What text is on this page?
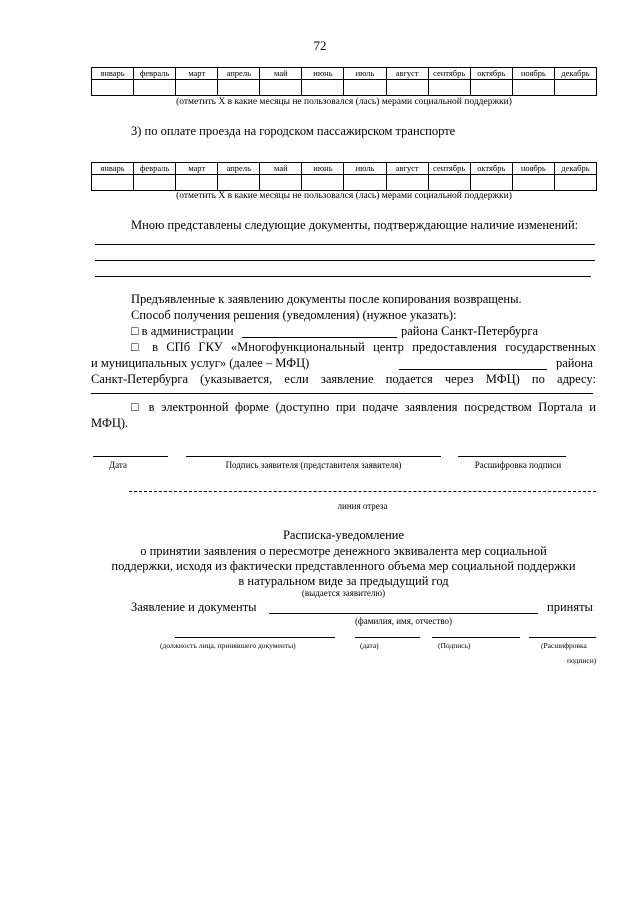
72
январь	февраль	март	апрель	май	июнь	июль	август	сентябрь	октябрь	ноябрь	декабрь

(отметить Х в какие месяцы не пользовался (лась) мерами социальной поддержки)
3) по оплате проезда на городском пассажирском транспорте
январь	февраль	март	апрель	май	июнь	июль	август	сентябрь	октябрь	ноябрь	декабрь

(отметить Х в какие месяцы не пользовался (лась) мерами социальной поддержки)
Мною представлены следующие документы, подтверждающие наличие изменений:
Предъявленные к заявлению документы после копирования возвращены.
Способ получения решения (уведомления) (нужное указать):
□ в администрации	района Санкт-Петербурга
□ в СПб ГКУ «Многофункциональный центр предоставления государственных
и муниципальных услуг» (далее – МФЦ)	района
Санкт-Петербурга (указывается, если заявление подается через МФЦ) по адресу:
□ в электронной форме (доступно при подаче заявления посредством Портала и
МФЦ).
Дата	Подпись заявителя (представителя заявителя)	Расшифровка подписи
линия отреза
Расписка-уведомление
о принятии заявления о пересмотре денежного эквивалента мер социальной
поддержки, исходя из фактически представленного объема мер социальной поддержки
в натуральном виде за предыдущий год
(выдается заявителю)
Заявление и документы	приняты
(фамилия, имя, отчество)
(должность лица, принявшего документы)	(дата)	(Подпись)	(Расшифровка
подписи)
